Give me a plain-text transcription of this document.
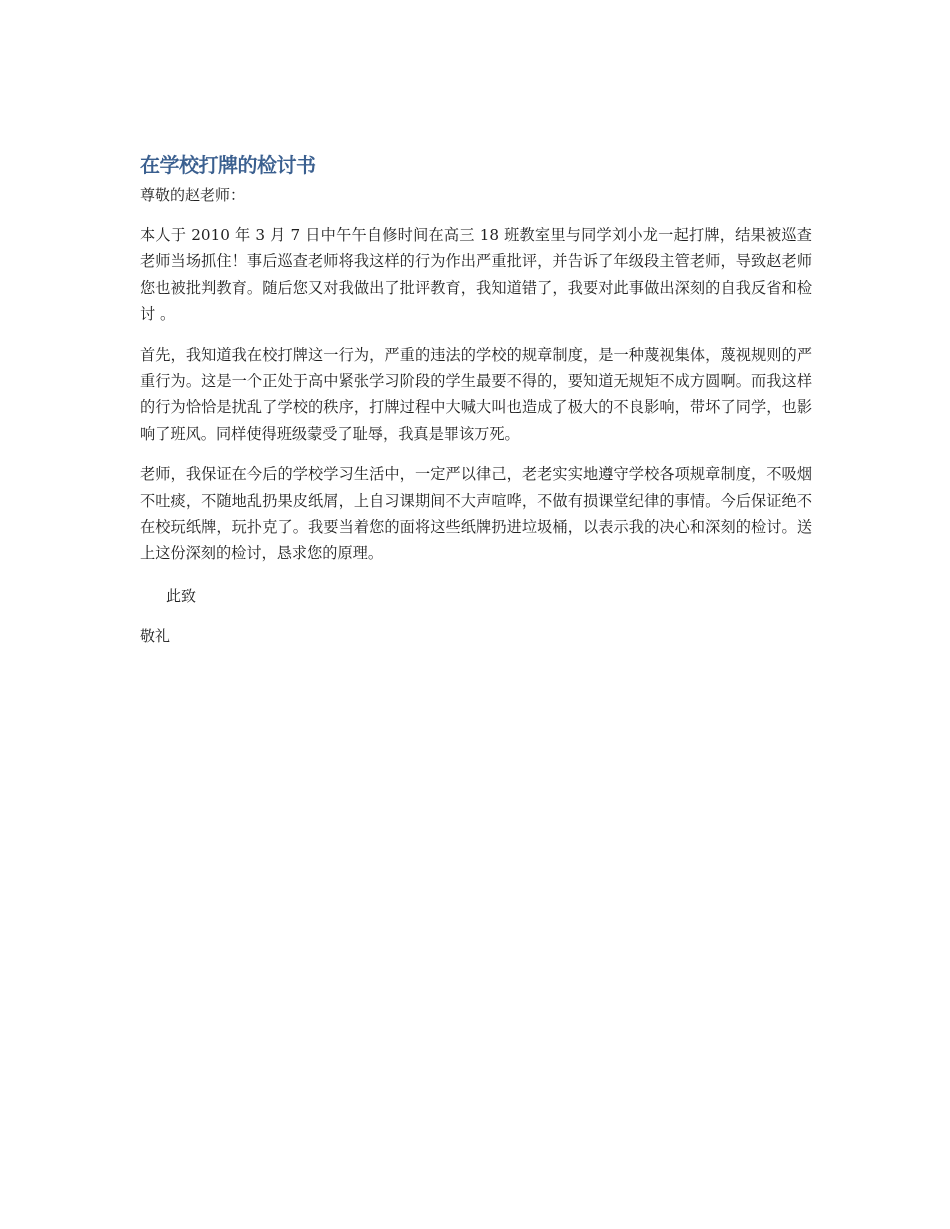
在学校打牌的检讨书

尊敬的赵老师：

本人于 2010 年 3 月 7 日中午午自修时间在高三 18 班教室里与同学刘小龙一起打牌，结果被巡查老师当场抓住！事后巡查老师将我这样的行为作出严重批评，并告诉了年级段主管老师，导致赵老师您也被批判教育。随后您又对我做出了批评教育，我知道错了，我要对此事做出深刻的自我反省和检讨 。

首先，我知道我在校打牌这一行为，严重的违法的学校的规章制度，是一种蔑视集体，蔑视规则的严重行为。这是一个正处于高中紧张学习阶段的学生最要不得的，要知道无规矩不成方圆啊。而我这样的行为恰恰是扰乱了学校的秩序，打牌过程中大喊大叫也造成了极大的不良影响，带坏了同学，也影响了班风。同样使得班级蒙受了耻辱，我真是罪该万死。

老师，我保证在今后的学校学习生活中，一定严以律己，老老实实地遵守学校各项规章制度，不吸烟不吐痰，不随地乱扔果皮纸屑，上自习课期间不大声喧哗，不做有损课堂纪律的事情。今后保证绝不在校玩纸牌，玩扑克了。我要当着您的面将这些纸牌扔进垃圾桶，以表示我的决心和深刻的检讨。送上这份深刻的检讨，恳求您的原理。

此致

敬礼
